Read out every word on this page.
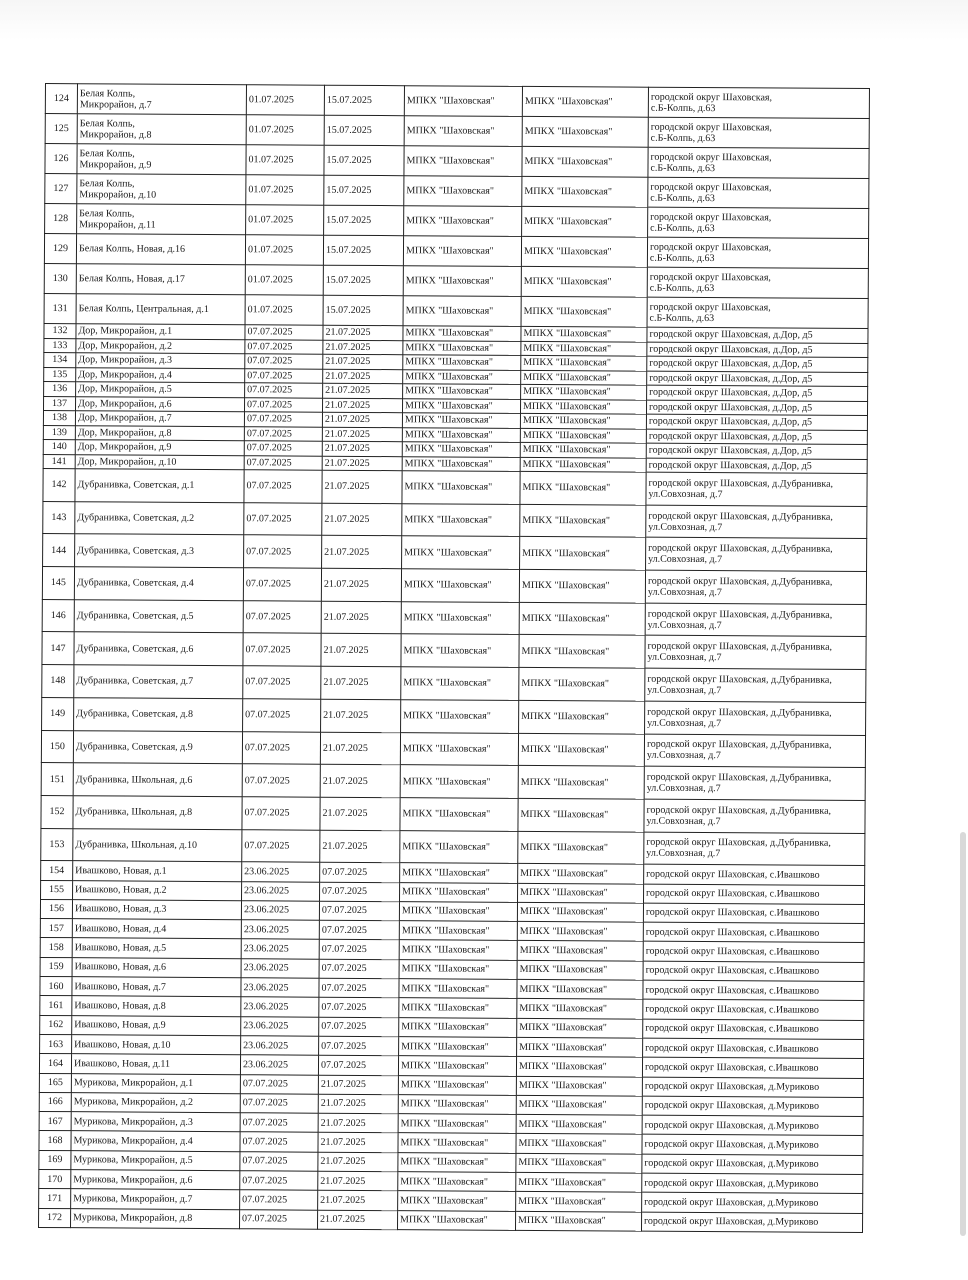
124	Белая Колпь,
Микрорайон, д.7	01.07.2025	15.07.2025	МПКХ "Шаховская"	МПКХ "Шаховская"	городской округ Шаховская,
с.Б-Колпь, д.63
125	Белая Колпь,
Микрорайон, д.8	01.07.2025	15.07.2025	МПКХ "Шаховская"	МПКХ "Шаховская"	городской округ Шаховская,
с.Б-Колпь, д.63
126	Белая Колпь,
Микрорайон, д.9	01.07.2025	15.07.2025	МПКХ "Шаховская"	МПКХ "Шаховская"	городской округ Шаховская,
с.Б-Колпь, д.63
127	Белая Колпь,
Микрорайон, д.10	01.07.2025	15.07.2025	МПКХ "Шаховская"	МПКХ "Шаховская"	городской округ Шаховская,
с.Б-Колпь, д.63
128	Белая Колпь,
Микрорайон, д.11	01.07.2025	15.07.2025	МПКХ "Шаховская"	МПКХ "Шаховская"	городской округ Шаховская,
с.Б-Колпь, д.63
129	Белая Колпь, Новая, д.16	01.07.2025	15.07.2025	МПКХ "Шаховская"	МПКХ "Шаховская"	городской округ Шаховская,
с.Б-Колпь, д.63
130	Белая Колпь, Новая, д.17	01.07.2025	15.07.2025	МПКХ "Шаховская"	МПКХ "Шаховская"	городской округ Шаховская,
с.Б-Колпь, д.63
131	Белая Колпь, Центральная, д.1	01.07.2025	15.07.2025	МПКХ "Шаховская"	МПКХ "Шаховская"	городской округ Шаховская,
с.Б-Колпь, д.63
132	Дор, Микрорайон, д.1	07.07.2025	21.07.2025	МПКХ "Шаховская"	МПКХ "Шаховская"	городской округ Шаховская, д.Дор, д5
133	Дор, Микрорайон, д.2	07.07.2025	21.07.2025	МПКХ "Шаховская"	МПКХ "Шаховская"	городской округ Шаховская, д.Дор, д5
134	Дор, Микрорайон, д.3	07.07.2025	21.07.2025	МПКХ "Шаховская"	МПКХ "Шаховская"	городской округ Шаховская, д.Дор, д5
135	Дор, Микрорайон, д.4	07.07.2025	21.07.2025	МПКХ "Шаховская"	МПКХ "Шаховская"	городской округ Шаховская, д.Дор, д5
136	Дор, Микрорайон, д.5	07.07.2025	21.07.2025	МПКХ "Шаховская"	МПКХ "Шаховская"	городской округ Шаховская, д.Дор, д5
137	Дор, Микрорайон, д.6	07.07.2025	21.07.2025	МПКХ "Шаховская"	МПКХ "Шаховская"	городской округ Шаховская, д.Дор, д5
138	Дор, Микрорайон, д.7	07.07.2025	21.07.2025	МПКХ "Шаховская"	МПКХ "Шаховская"	городской округ Шаховская, д.Дор, д5
139	Дор, Микрорайон, д.8	07.07.2025	21.07.2025	МПКХ "Шаховская"	МПКХ "Шаховская"	городской округ Шаховская, д.Дор, д5
140	Дор, Микрорайон, д.9	07.07.2025	21.07.2025	МПКХ "Шаховская"	МПКХ "Шаховская"	городской округ Шаховская, д.Дор, д5
141	Дор, Микрорайон, д.10	07.07.2025	21.07.2025	МПКХ "Шаховская"	МПКХ "Шаховская"	городской округ Шаховская, д.Дор, д5
142	Дубранивка, Советская, д.1	07.07.2025	21.07.2025	МПКХ "Шаховская"	МПКХ "Шаховская"	городской округ Шаховская, д.Дубранивка,
ул.Совхозная, д.7
143	Дубранивка, Советская, д.2	07.07.2025	21.07.2025	МПКХ "Шаховская"	МПКХ "Шаховская"	городской округ Шаховская, д.Дубранивка,
ул.Совхозная, д.7
144	Дубранивка, Советская, д.3	07.07.2025	21.07.2025	МПКХ "Шаховская"	МПКХ "Шаховская"	городской округ Шаховская, д.Дубранивка,
ул.Совхозная, д.7
145	Дубранивка, Советская, д.4	07.07.2025	21.07.2025	МПКХ "Шаховская"	МПКХ "Шаховская"	городской округ Шаховская, д.Дубранивка,
ул.Совхозная, д.7
146	Дубранивка, Советская, д.5	07.07.2025	21.07.2025	МПКХ "Шаховская"	МПКХ "Шаховская"	городской округ Шаховская, д.Дубранивка,
ул.Совхозная, д.7
147	Дубранивка, Советская, д.6	07.07.2025	21.07.2025	МПКХ "Шаховская"	МПКХ "Шаховская"	городской округ Шаховская, д.Дубранивка,
ул.Совхозная, д.7
148	Дубранивка, Советская, д.7	07.07.2025	21.07.2025	МПКХ "Шаховская"	МПКХ "Шаховская"	городской округ Шаховская, д.Дубранивка,
ул.Совхозная, д.7
149	Дубранивка, Советская, д.8	07.07.2025	21.07.2025	МПКХ "Шаховская"	МПКХ "Шаховская"	городской округ Шаховская, д.Дубранивка,
ул.Совхозная, д.7
150	Дубранивка, Советская, д.9	07.07.2025	21.07.2025	МПКХ "Шаховская"	МПКХ "Шаховская"	городской округ Шаховская, д.Дубранивка,
ул.Совхозная, д.7
151	Дубранивка, Школьная, д.6	07.07.2025	21.07.2025	МПКХ "Шаховская"	МПКХ "Шаховская"	городской округ Шаховская, д.Дубранивка,
ул.Совхозная, д.7
152	Дубранивка, Школьная, д.8	07.07.2025	21.07.2025	МПКХ "Шаховская"	МПКХ "Шаховская"	городской округ Шаховская, д.Дубранивка,
ул.Совхозная, д.7
153	Дубранивка, Школьная, д.10	07.07.2025	21.07.2025	МПКХ "Шаховская"	МПКХ "Шаховская"	городской округ Шаховская, д.Дубранивка,
ул.Совхозная, д.7
154	Ивашково, Новая, д.1	23.06.2025	07.07.2025	МПКХ "Шаховская"	МПКХ "Шаховская"	городской округ Шаховская, с.Ивашково
155	Ивашково, Новая, д.2	23.06.2025	07.07.2025	МПКХ "Шаховская"	МПКХ "Шаховская"	городской округ Шаховская, с.Ивашково
156	Ивашково, Новая, д.3	23.06.2025	07.07.2025	МПКХ "Шаховская"	МПКХ "Шаховская"	городской округ Шаховская, с.Ивашково
157	Ивашково, Новая, д.4	23.06.2025	07.07.2025	МПКХ "Шаховская"	МПКХ "Шаховская"	городской округ Шаховская, с.Ивашково
158	Ивашково, Новая, д.5	23.06.2025	07.07.2025	МПКХ "Шаховская"	МПКХ "Шаховская"	городской округ Шаховская, с.Ивашково
159	Ивашково, Новая, д.6	23.06.2025	07.07.2025	МПКХ "Шаховская"	МПКХ "Шаховская"	городской округ Шаховская, с.Ивашково
160	Ивашково, Новая, д.7	23.06.2025	07.07.2025	МПКХ "Шаховская"	МПКХ "Шаховская"	городской округ Шаховская, с.Ивашково
161	Ивашково, Новая, д.8	23.06.2025	07.07.2025	МПКХ "Шаховская"	МПКХ "Шаховская"	городской округ Шаховская, с.Ивашково
162	Ивашково, Новая, д.9	23.06.2025	07.07.2025	МПКХ "Шаховская"	МПКХ "Шаховская"	городской округ Шаховская, с.Ивашково
163	Ивашково, Новая, д.10	23.06.2025	07.07.2025	МПКХ "Шаховская"	МПКХ "Шаховская"	городской округ Шаховская, с.Ивашково
164	Ивашково, Новая, д.11	23.06.2025	07.07.2025	МПКХ "Шаховская"	МПКХ "Шаховская"	городской округ Шаховская, с.Ивашково
165	Мурикова, Микрорайон, д.1	07.07.2025	21.07.2025	МПКХ "Шаховская"	МПКХ "Шаховская"	городской округ Шаховская, д.Муриково
166	Мурикова, Микрорайон, д.2	07.07.2025	21.07.2025	МПКХ "Шаховская"	МПКХ "Шаховская"	городской округ Шаховская, д.Муриково
167	Мурикова, Микрорайон, д.3	07.07.2025	21.07.2025	МПКХ "Шаховская"	МПКХ "Шаховская"	городской округ Шаховская, д.Муриково
168	Мурикова, Микрорайон, д.4	07.07.2025	21.07.2025	МПКХ "Шаховская"	МПКХ "Шаховская"	городской округ Шаховская, д.Муриково
169	Мурикова, Микрорайон, д.5	07.07.2025	21.07.2025	МПКХ "Шаховская"	МПКХ "Шаховская"	городской округ Шаховская, д.Муриково
170	Мурикова, Микрорайон, д.6	07.07.2025	21.07.2025	МПКХ "Шаховская"	МПКХ "Шаховская"	городской округ Шаховская, д.Муриково
171	Мурикова, Микрорайон, д.7	07.07.2025	21.07.2025	МПКХ "Шаховская"	МПКХ "Шаховская"	городской округ Шаховская, д.Муриково
172	Мурикова, Микрорайон, д.8	07.07.2025	21.07.2025	МПКХ "Шаховская"	МПКХ "Шаховская"	городской округ Шаховская, д.Муриково
